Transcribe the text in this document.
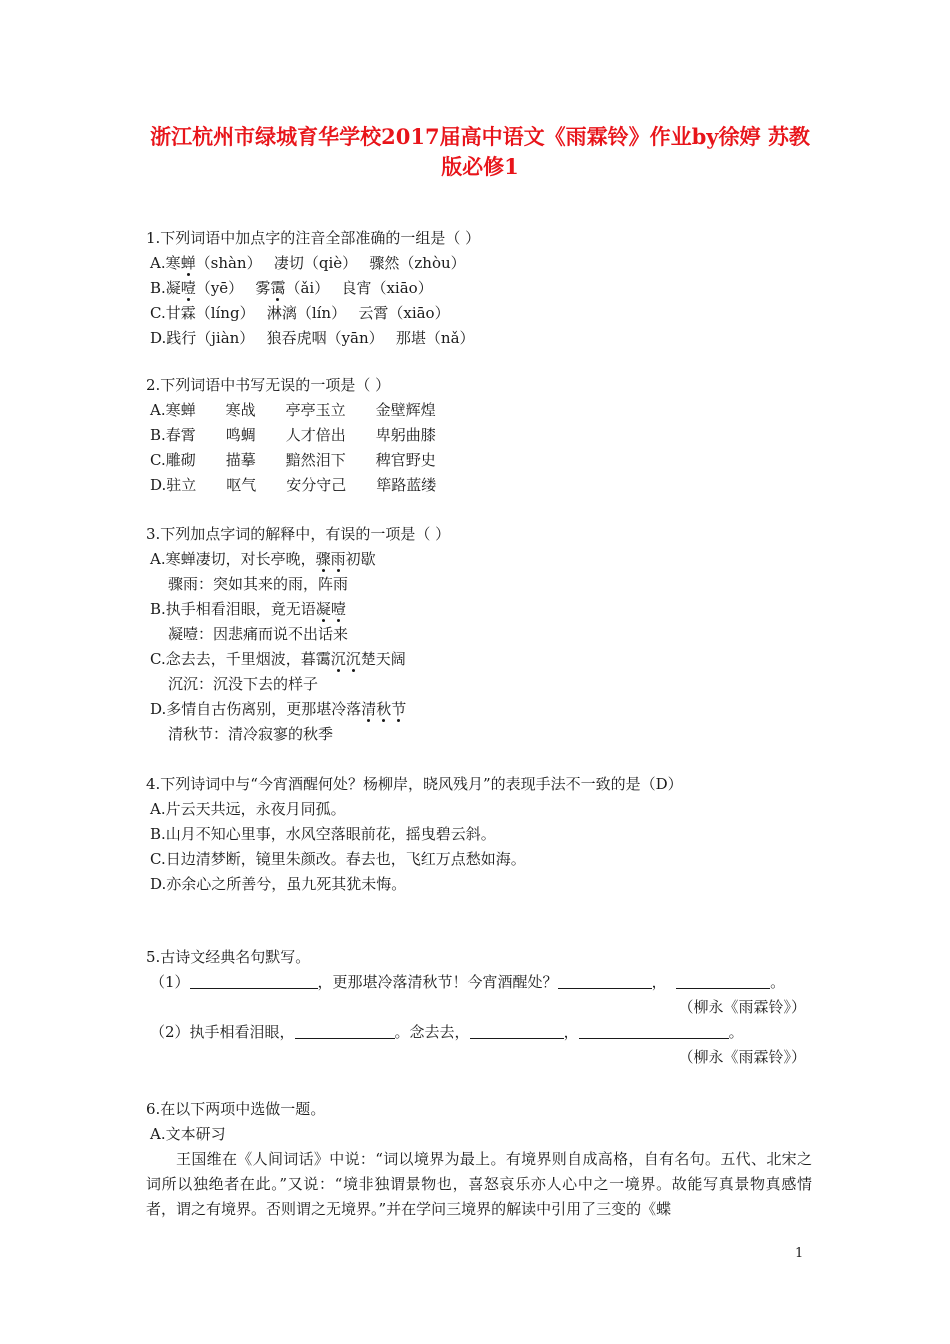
浙江杭州市绿城育华学校2017届高中语文《雨霖铃》作业by徐婷 苏教版必修1
1.下列词语中加点字的注音全部准确的一组是（ ）
A.寒蝉（shàn）　 凄切（qiè）　 骤然（zhòu）
B.凝噎（yē）　 雾霭（ǎi）　 良宵（xiāo）
C.甘霖（líng）　 淋漓（lín）　 云霄（xiāo）
D.践行（jiàn）　 狼吞虎咽（yān）　 那堪（nǎ）
2.下列词语中书写无误的一项是（ ）
A.寒蝉　　寒战　　亭亭玉立　　金壁辉煌
B.春霄　　鸣蜩　　人才倍出　　卑躬曲膝
C.雕砌　　描摹　　黯然泪下　　稗官野史
D.驻立　　呕气　　安分守己　　筚路蓝缕
3.下列加点字词的解释中，有误的一项是（ ）
A.寒蝉凄切，对长亭晚，骤雨初歇
骤雨：突如其来的雨，阵雨
B.执手相看泪眼，竟无语凝噎
凝噎：因悲痛而说不出话来
C.念去去，千里烟波，暮霭沉沉楚天阔
沉沉：沉没下去的样子
D.多情自古伤离别，更那堪冷落清秋节
清秋节：清冷寂寥的秋季
4.下列诗词中与“今宵酒醒何处？杨柳岸，晓风残月”的表现手法不一致的是（D）
A.片云天共远，永夜月同孤。
B.山月不知心里事，水风空落眼前花，摇曳碧云斜。
C.日边清梦断，镜里朱颜改。春去也，飞红万点愁如海。
D.亦余心之所善兮，虽九死其犹未悔。
5.古诗文经典名句默写。
（1）	，更那堪冷落清秋节！今宵酒醒处？	，	。
（柳永《雨霖铃》）
（2）执手相看泪眼，	。念去去，	，	。
（柳永《雨霖铃》）
6.在以下两项中选做一题。
A.文本研习

王国维在《人间词话》中说：“词以境界为最上。有境界则自成高格，自有名句。五代、北宋之词所以独绝者在此。”又说：“境非独谓景物也，喜怒哀乐亦人心中之一境界。故能写真景物真感情者，谓之有境界。否则谓之无境界。”并在学问三境界的解读中引用了三变的《蝶

1
